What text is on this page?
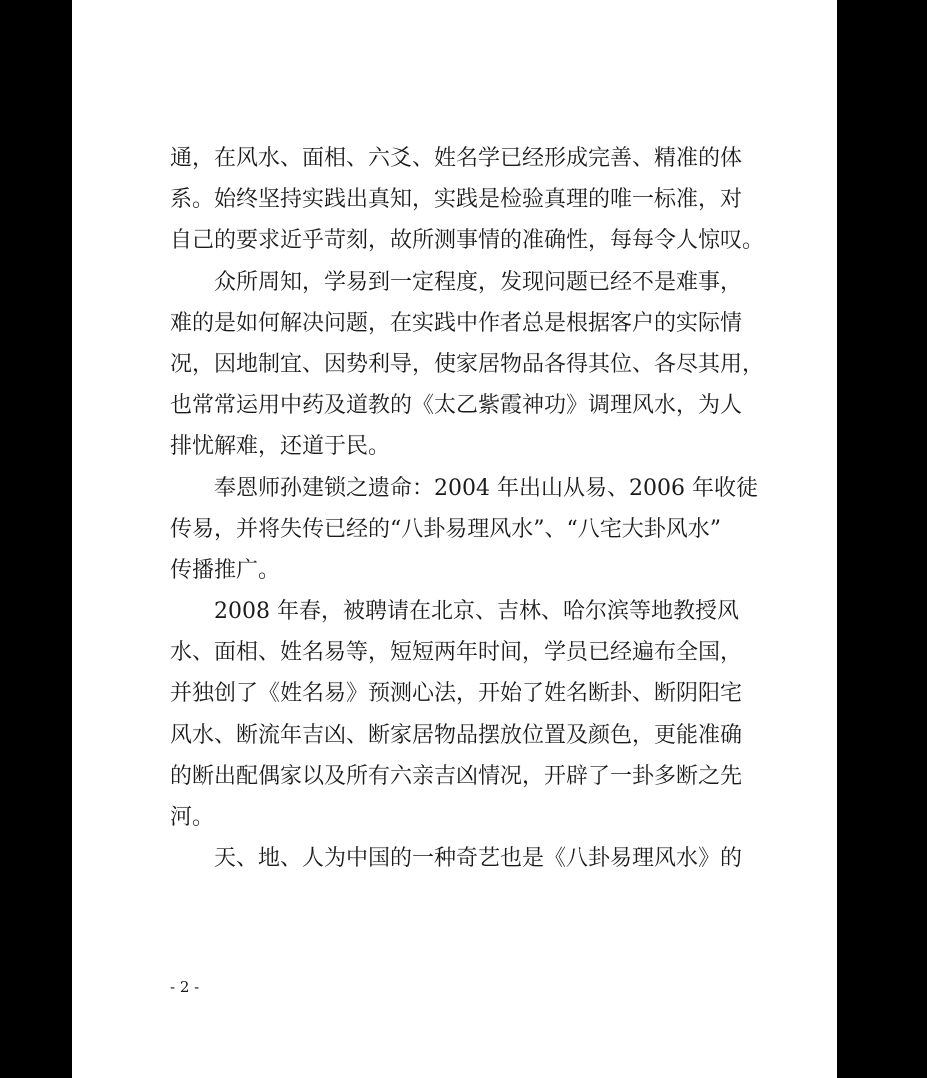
通，在风水、面相、六爻、姓名学已经形成完善、精准的体
系。始终坚持实践出真知，实践是检验真理的唯一标准，对
自己的要求近乎苛刻，故所测事情的准确性，每每令人惊叹。
众所周知，学易到一定程度，发现问题已经不是难事，
难的是如何解决问题，在实践中作者总是根据客户的实际情
况，因地制宜、因势利导，使家居物品各得其位、各尽其用，
也常常运用中药及道教的《太乙紫霞神功》调理风水，为人
排忧解难，还道于民。
奉恩师孙建锁之遗命：2004 年出山从易、2006 年收徒
传易，并将失传已经的“八卦易理风水”、“八宅大卦风水”
传播推广。
2008 年春，被聘请在北京、吉林、哈尔滨等地教授风
水、面相、姓名易等，短短两年时间，学员已经遍布全国，
并独创了《姓名易》预测心法，开始了姓名断卦、断阴阳宅
风水、断流年吉凶、断家居物品摆放位置及颜色，更能准确
的断出配偶家以及所有六亲吉凶情况，开辟了一卦多断之先
河。
天、地、人为中国的一种奇艺也是《八卦易理风水》的
- 2 -
